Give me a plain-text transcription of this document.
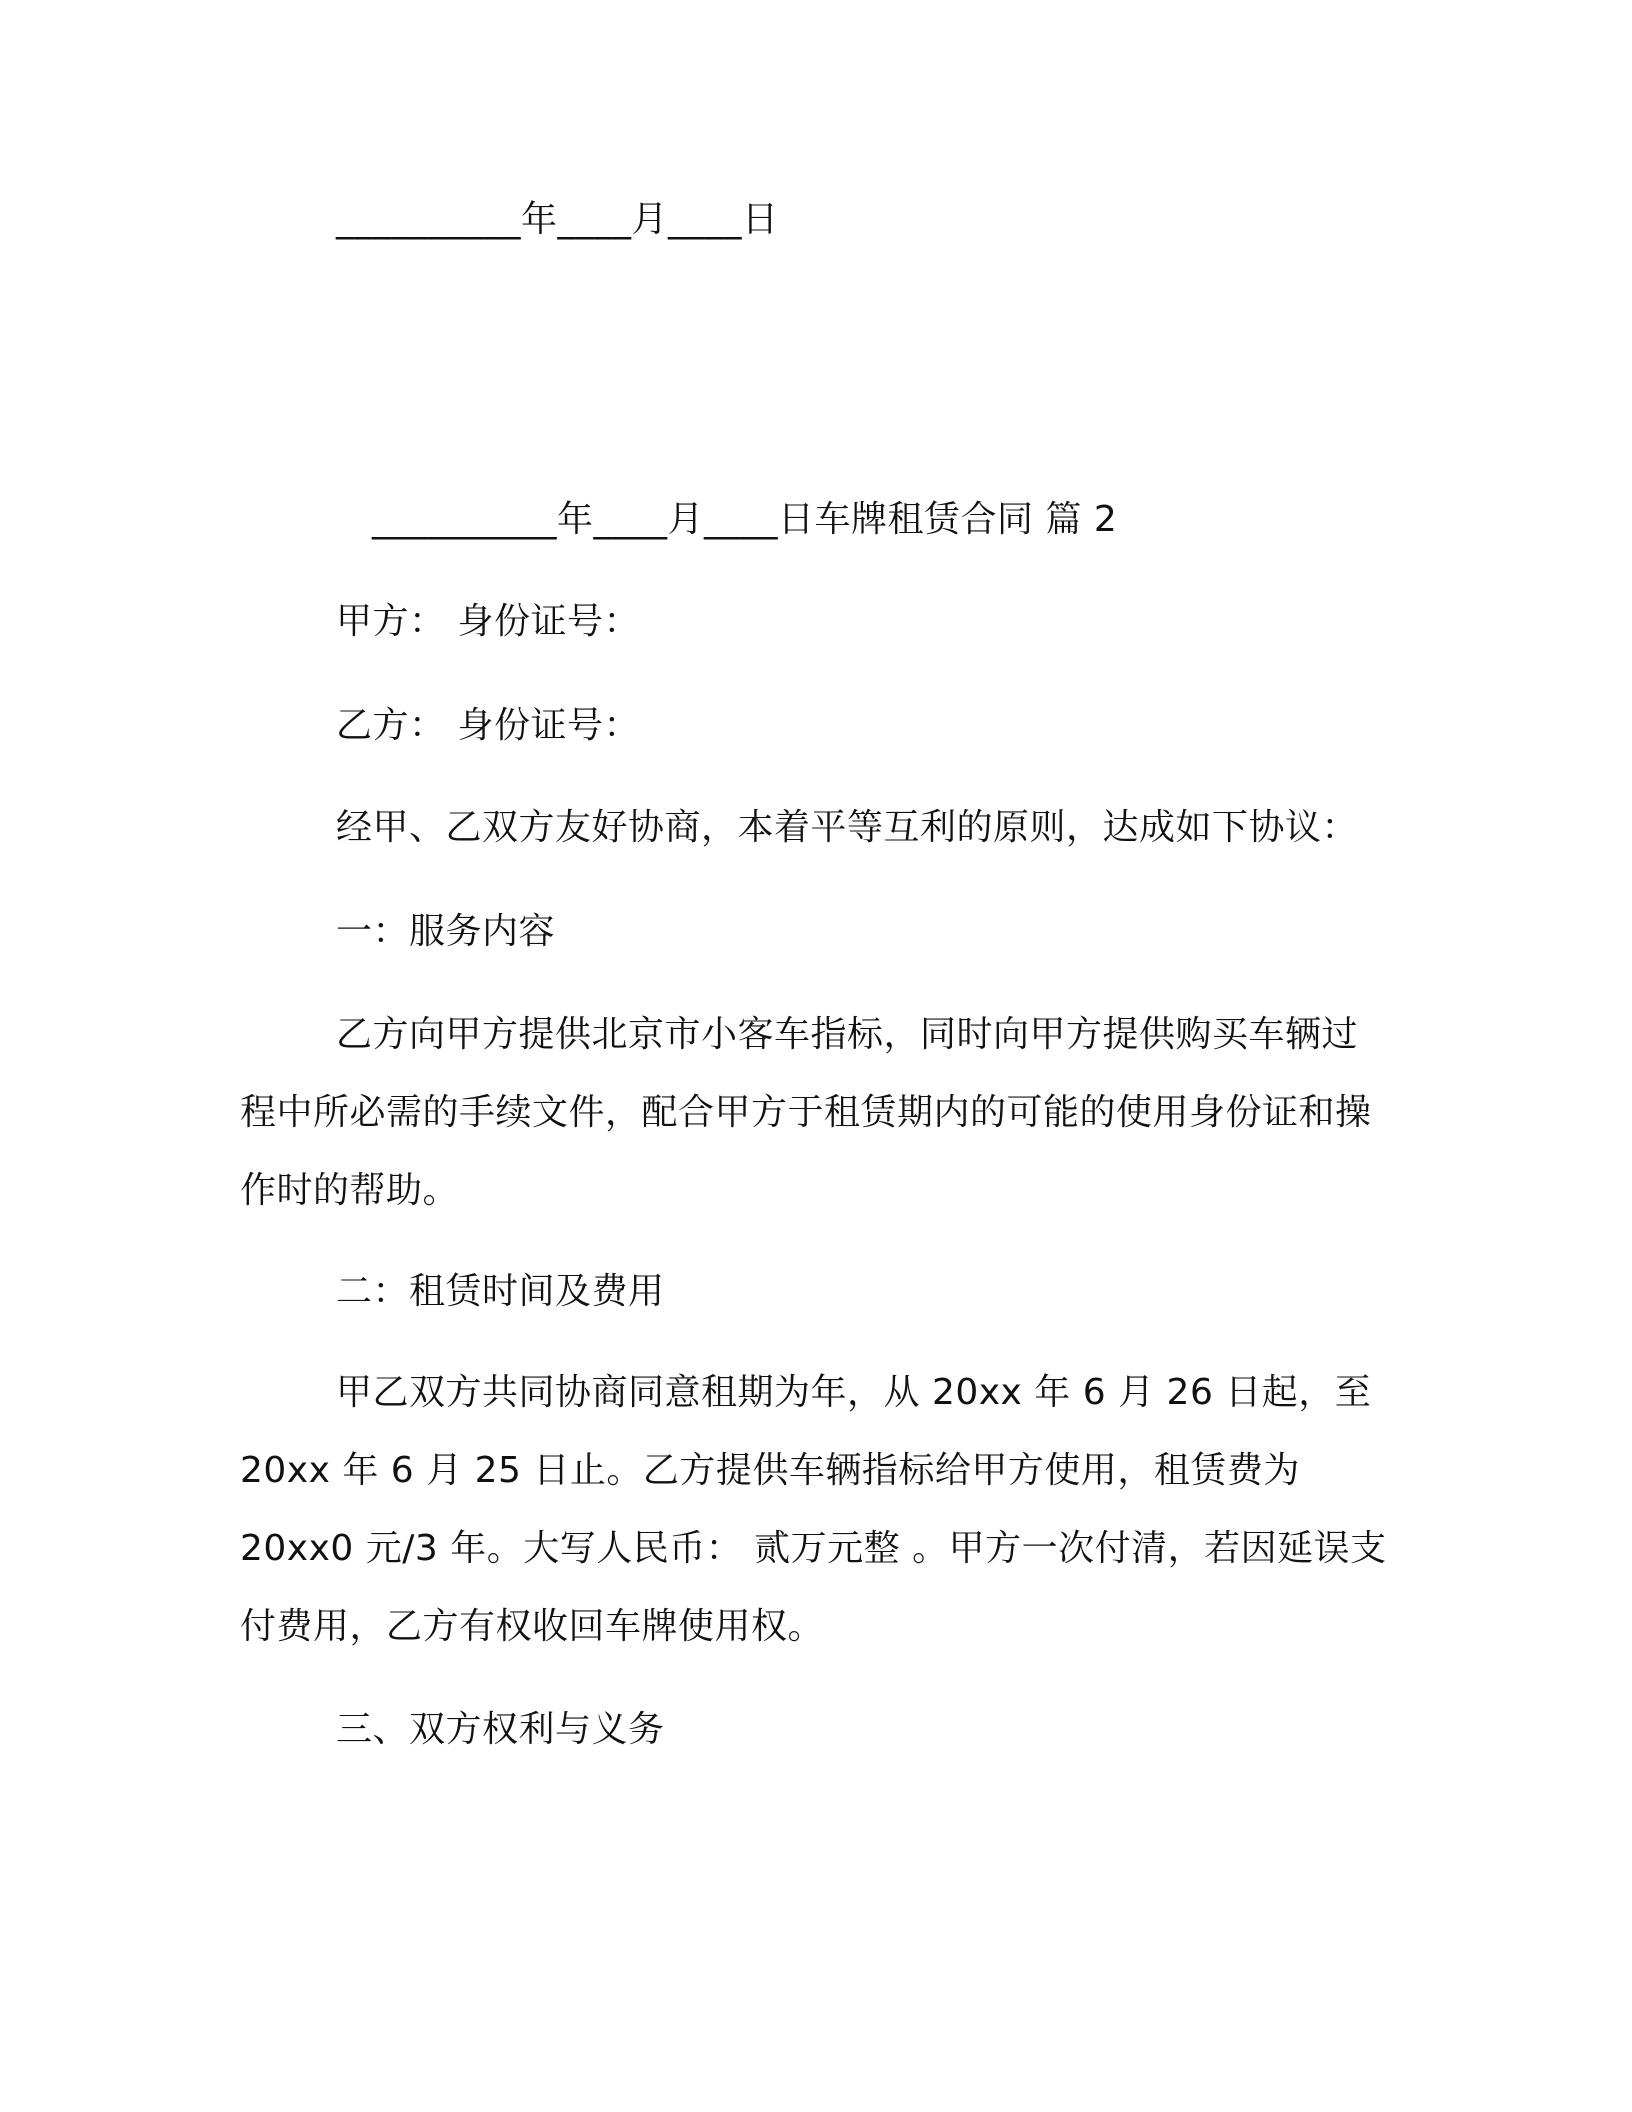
__________年____月____日

__________年____月____日车牌租赁合同 篇 2

甲方： 身份证号：

乙方： 身份证号：

经甲、乙双方友好协商，本着平等互利的原则，达成如下协议：

一：服务内容

乙方向甲方提供北京市小客车指标，同时向甲方提供购买车辆过程中所必需的手续文件，配合甲方于租赁期内的可能的使用身份证和操作时的帮助。

二：租赁时间及费用

甲乙双方共同协商同意租期为年，从 20xx 年 6 月 26 日起，至 20xx 年 6 月 25 日止。乙方提供车辆指标给甲方使用，租赁费为 20xx0 元/3 年。大写人民币： 贰万元整 。甲方一次付清，若因延误支付费用，乙方有权收回车牌使用权。

三、双方权利与义务
